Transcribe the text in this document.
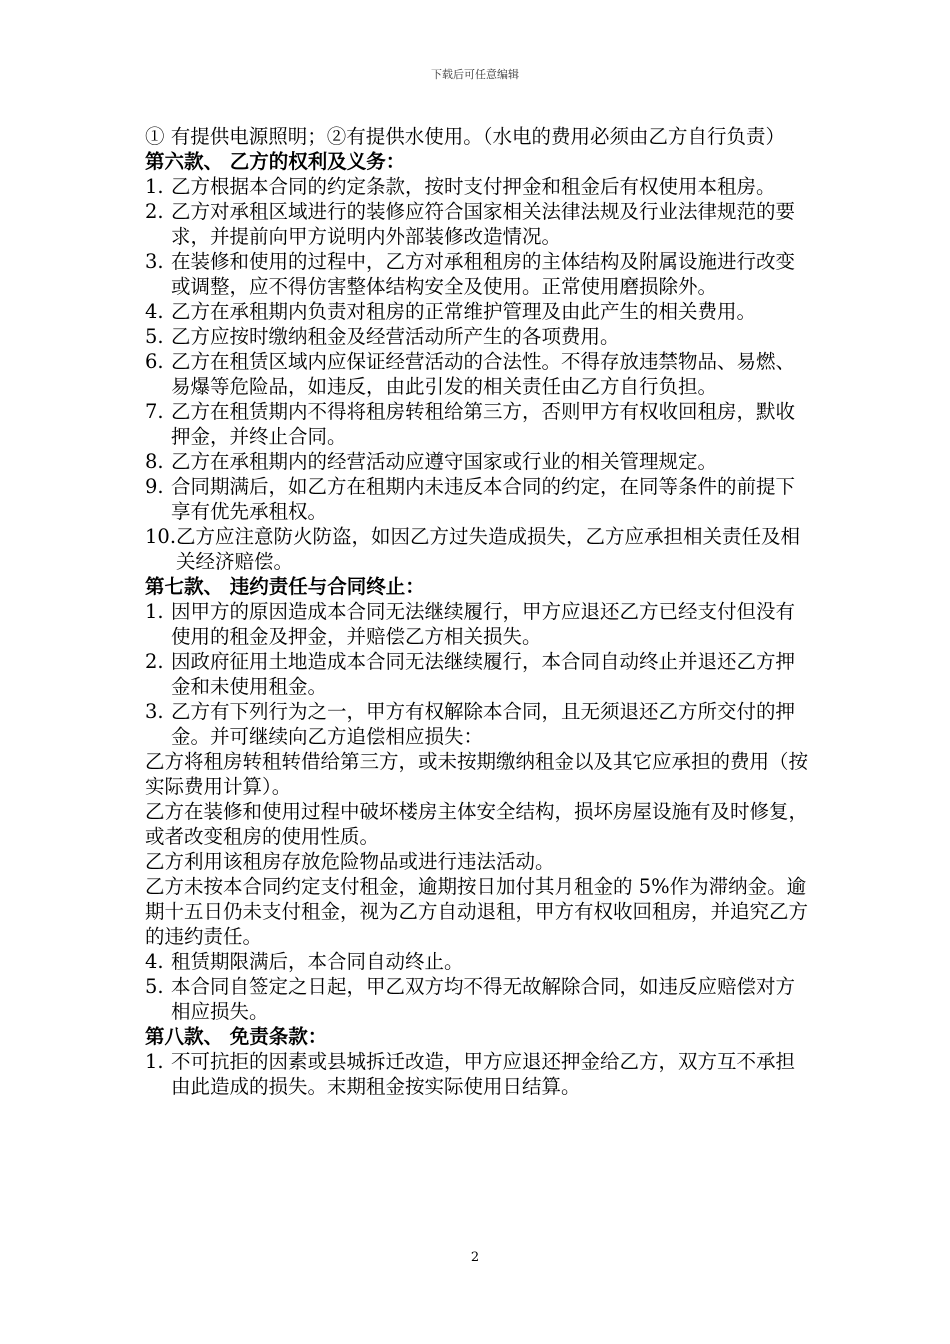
下载后可任意编辑

① 有提供电源照明；②有提供水使用。（水电的费用必须由乙方自行负责）

第六款、 乙方的权利及义务：

1. 乙方根据本合同的约定条款，按时支付押金和租金后有权使用本租房。
2. 乙方对承租区域进行的装修应符合国家相关法律法规及行业法律规范的要求，并提前向甲方说明内外部装修改造情况。
3. 在装修和使用的过程中，乙方对承租租房的主体结构及附属设施进行改变或调整，应不得仿害整体结构安全及使用。正常使用磨损除外。
4. 乙方在承租期内负责对租房的正常维护管理及由此产生的相关费用。
5. 乙方应按时缴纳租金及经营活动所产生的各项费用。
6. 乙方在租赁区域内应保证经营活动的合法性。不得存放违禁物品、易燃、易爆等危险品，如违反，由此引发的相关责任由乙方自行负担。
7. 乙方在租赁期内不得将租房转租给第三方，否则甲方有权收回租房，默收押金，并终止合同。
8. 乙方在承租期内的经营活动应遵守国家或行业的相关管理规定。
9. 合同期满后，如乙方在租期内未违反本合同的约定，在同等条件的前提下享有优先承租权。
10. 乙方应注意防火防盗，如因乙方过失造成损失，乙方应承担相关责任及相关经济赔偿。

第七款、 违约责任与合同终止：

1. 因甲方的原因造成本合同无法继续履行，甲方应退还乙方已经支付但没有使用的租金及押金，并赔偿乙方相关损失。
2. 因政府征用土地造成本合同无法继续履行，本合同自动终止并退还乙方押金和未使用租金。
3. 乙方有下列行为之一，甲方有权解除本合同，且无须退还乙方所交付的押金。并可继续向乙方追偿相应损失：

乙方将租房转租转借给第三方，或未按期缴纳租金以及其它应承担的费用（按实际费用计算）。

乙方在装修和使用过程中破坏楼房主体安全结构，损坏房屋设施有及时修复，或者改变租房的使用性质。

乙方利用该租房存放危险物品或进行违法活动。

乙方未按本合同约定支付租金，逾期按日加付其月租金的 5%作为滞纳金。逾期十五日仍未支付租金，视为乙方自动退租，甲方有权收回租房，并追究乙方的违约责任。

4. 租赁期限满后，本合同自动终止。
5. 本合同自签定之日起，甲乙双方均不得无故解除合同，如违反应赔偿对方相应损失。

第八款、 免责条款：

1. 不可抗拒的因素或县城拆迁改造，甲方应退还押金给乙方，双方互不承担由此造成的损失。末期租金按实际使用日结算。
2
